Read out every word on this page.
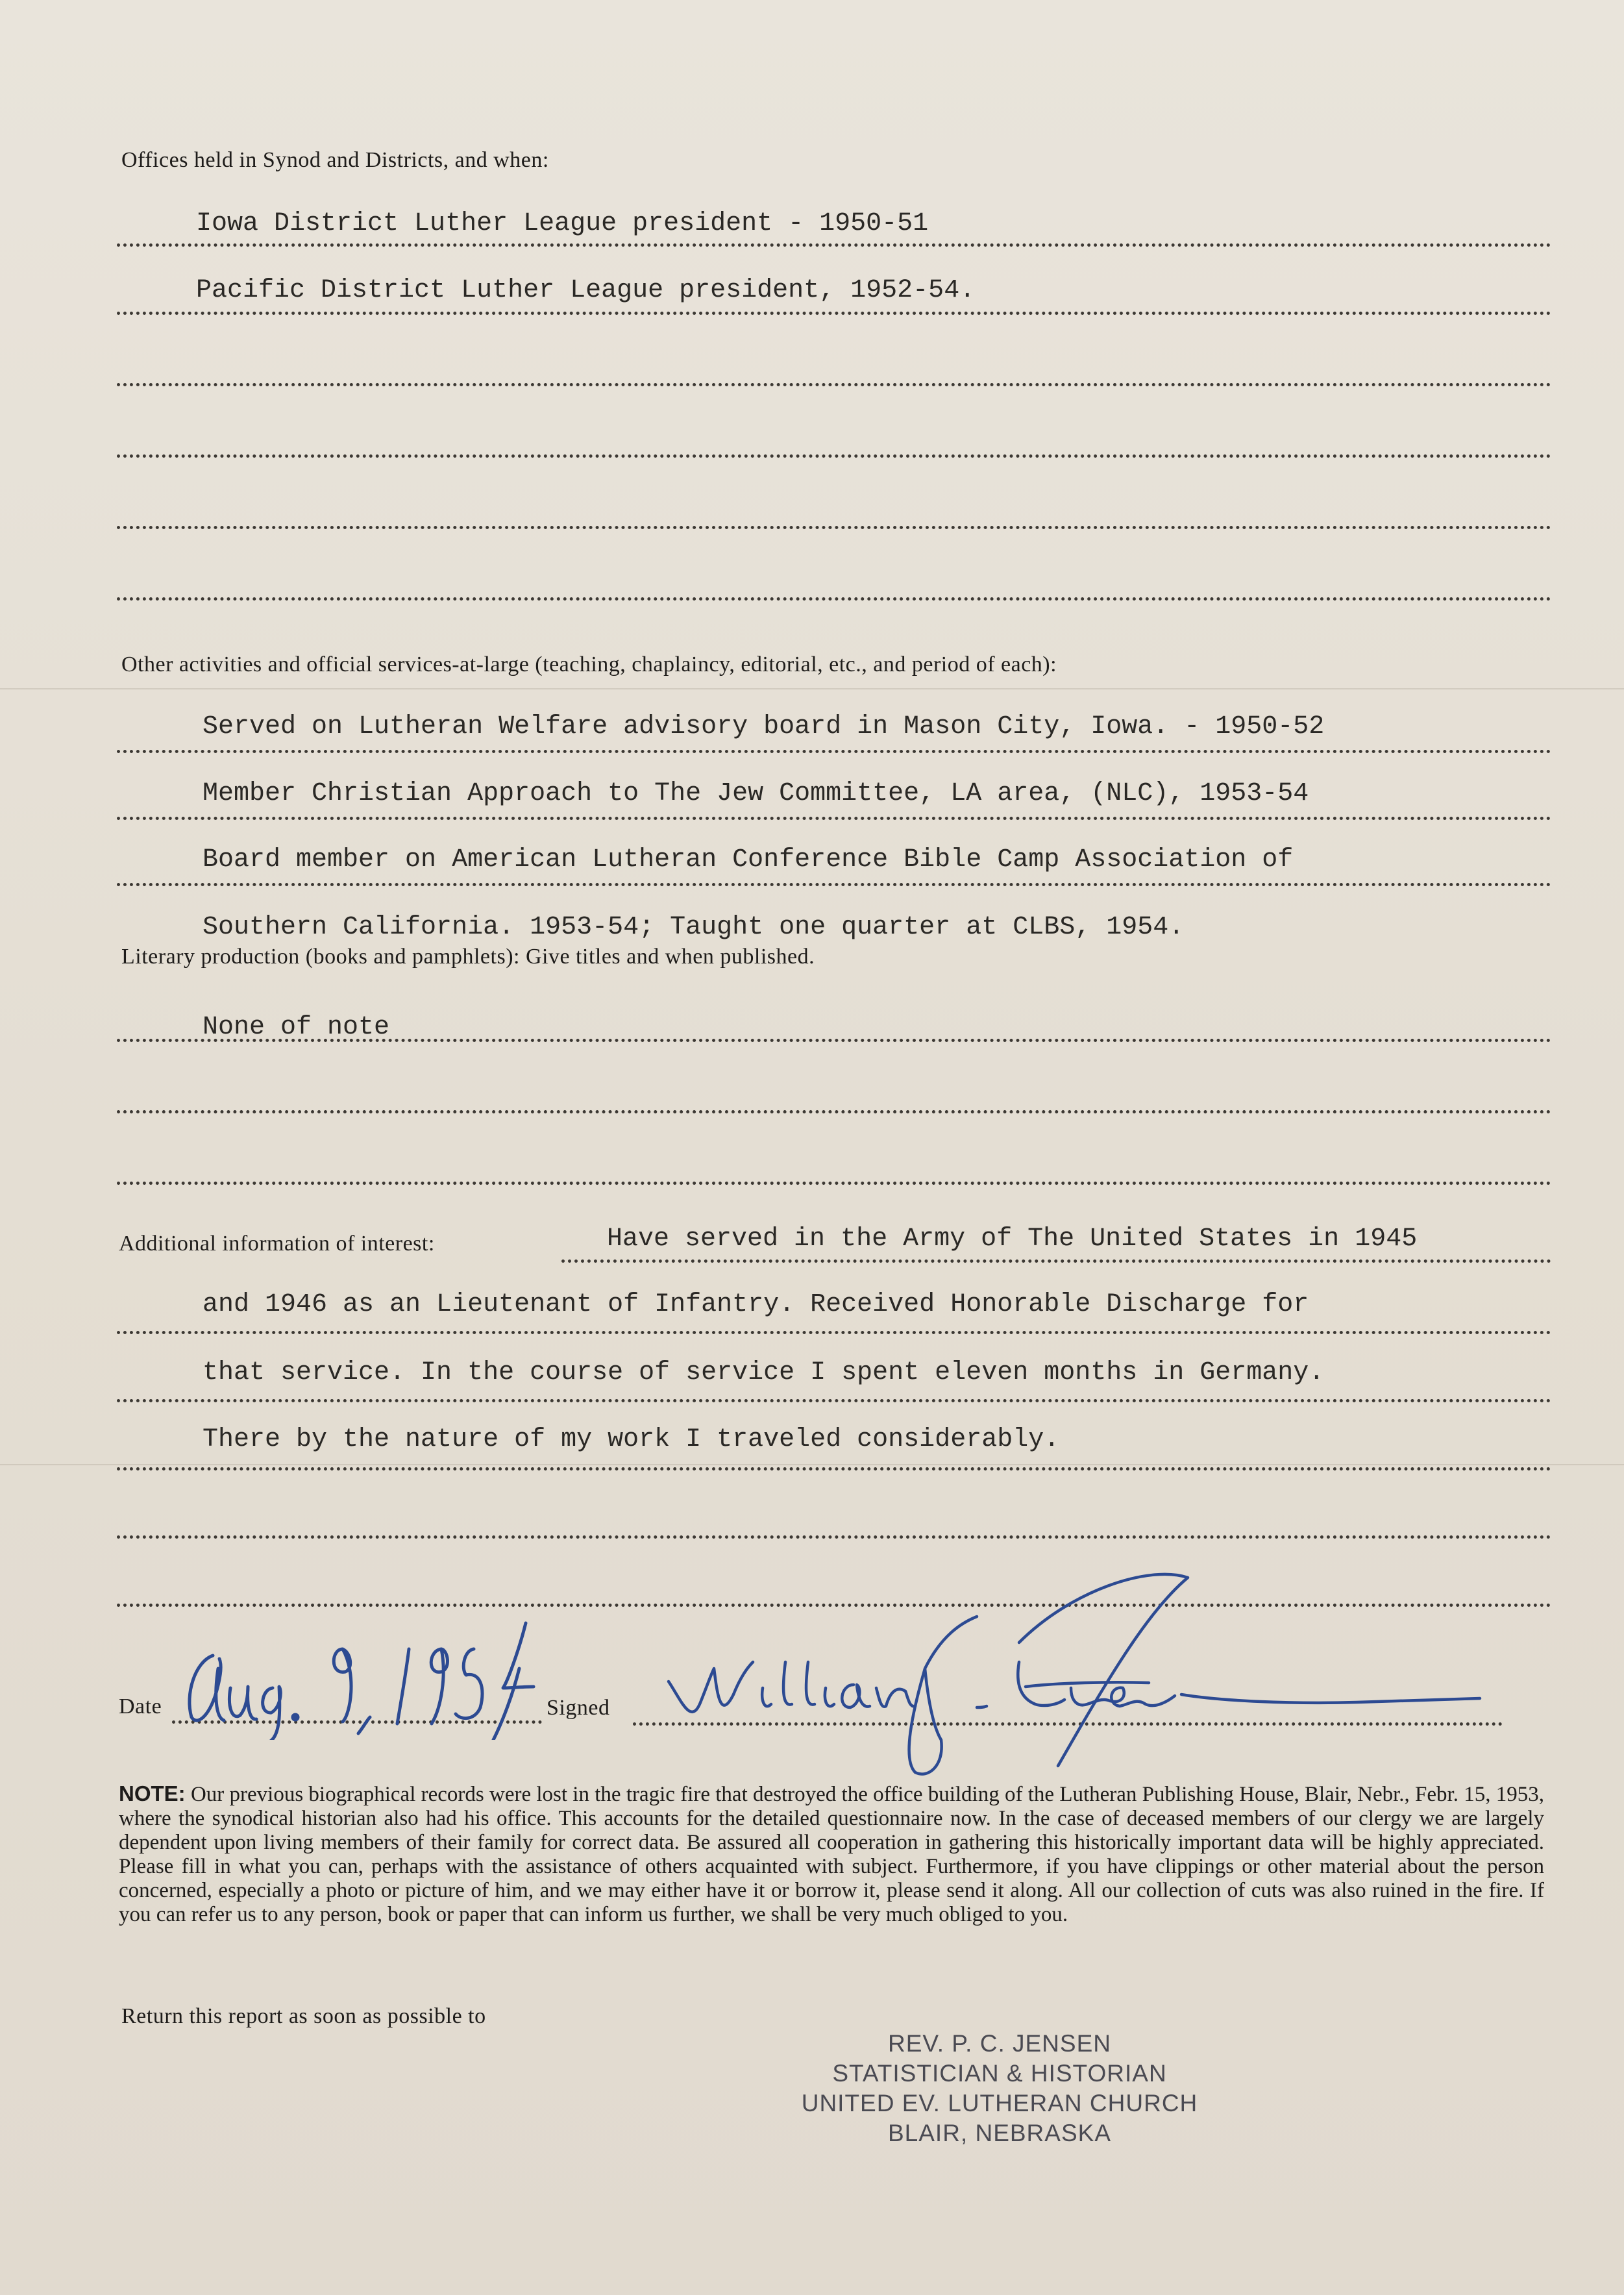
Offices held in Synod and Districts, and when:
Iowa District Luther League president - 1950-51
Pacific District Luther League president, 1952-54.
Other activities and official services-at-large (teaching, chaplaincy, editorial, etc., and period of each):
Served on Lutheran Welfare advisory board in Mason City, Iowa. - 1950-52
Member Christian Approach to The Jew Committee, LA area, (NLC), 1953-54
Board member on American Lutheran Conference Bible Camp Association of
Southern California. 1953-54; Taught one quarter at CLBS, 1954.
Literary production (books and pamphlets): Give titles and when published.
None of note
Additional information of interest:	Have served in the Army of The United States in 1945
and 1946 as an Lieutenant of Infantry. Received Honorable Discharge for
that service. In the course of service I spent eleven months in Germany.
There by the nature of my work I traveled considerably.
Date	Signed
NOTE: Our previous biographical records were lost in the tragic fire that destroyed the office building of the Lutheran Publishing House, Blair, Nebr., Febr. 15, 1953, where the synodical historian also had his office. This accounts for the detailed questionnaire now. In the case of deceased members of our clergy we are largely dependent upon living members of their family for correct data. Be assured all cooperation in gathering this historically important data will be highly appreciated. Please fill in what you can, perhaps with the assistance of others acquainted with subject. Furthermore, if you have clippings or other material about the person concerned, especially a photo or picture of him, and we may either have it or borrow it, please send it along. All our collection of cuts was also ruined in the fire. If you can refer us to any person, book or paper that can inform us further, we shall be very much obliged to you.
Return this report as soon as possible to
REV. P. C. JENSEN
STATISTICIAN & HISTORIAN
UNITED EV. LUTHERAN CHURCH
BLAIR, NEBRASKA
